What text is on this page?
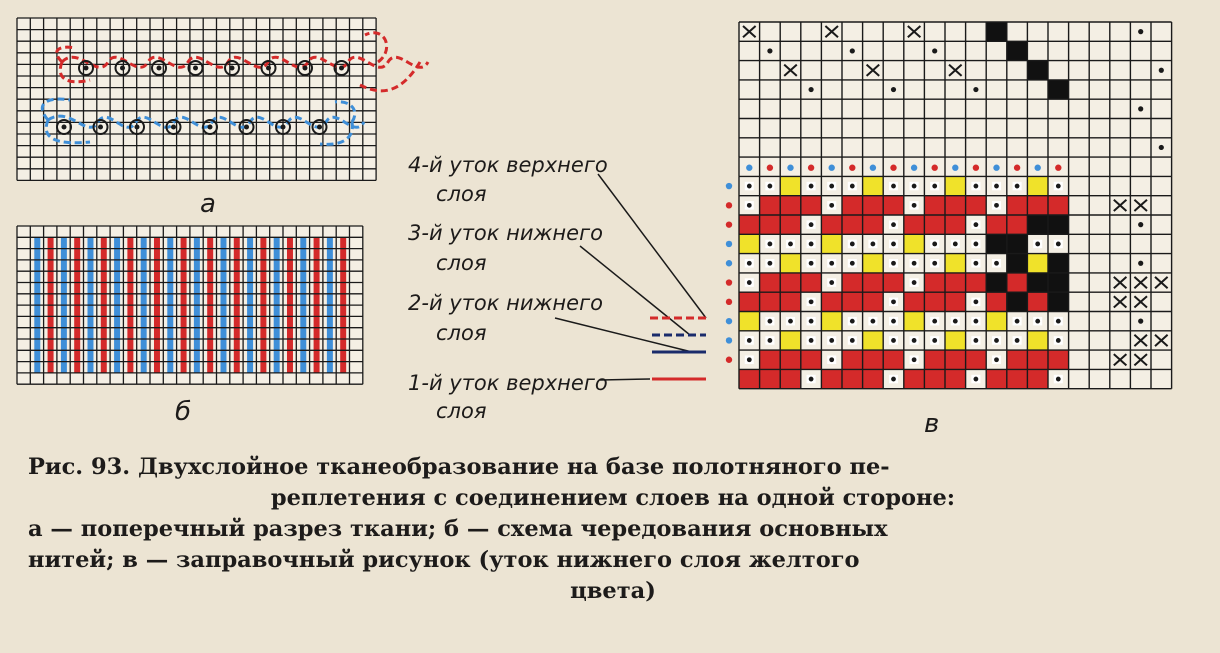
a
б
4-й уток верхнего
слоя
3-й уток нижнего
слоя
2-й уток нижнего
слоя
1-й уток верхнего
слоя	в
Рис. 93. Двухслойное тканеобразование на базе полотняного пе-
реплетения с соединением слоев на одной стороне:
а — поперечный разрез ткани; б — схема чередования основных
нитей; в — заправочный рисунок (уток нижнего слоя желтого
цвета)
